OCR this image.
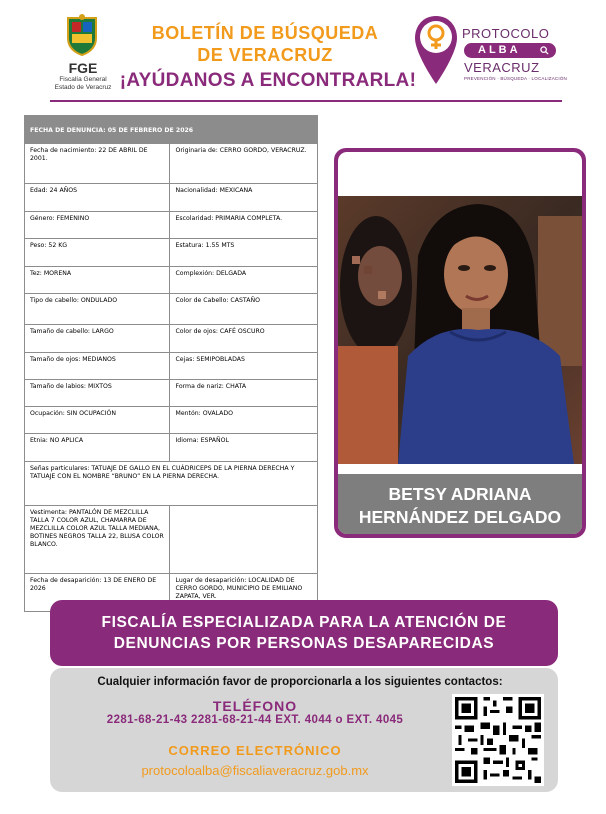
FGE
Fiscalía General
Estado de Veracruz
BOLETÍN DE BÚSQUEDA
DE VERACRUZ
¡AYÚDANOS A ENCONTRARLA!
PROTOCOLO
ALBA
VERACRUZ
PREVENCIÓN · BÚSQUEDA · LOCALIZACIÓN
FECHA DE DENUNCIA: 05 DE FEBRERO DE 2026	
Fecha de nacimiento: 22 DE ABRIL DE 2001.	Originaria de: CERRO GORDO, VERACRUZ.
Edad: 24 AÑOS	Nacionalidad: MEXICANA
Género: FEMENINO	Escolaridad: PRIMARIA COMPLETA.
Peso: 52 KG	Estatura: 1.55 MTS
Tez: MORENA	Complexión: DELGADA
Tipo de cabello: ONDULADO	Color de Cabello: CASTAÑO
Tamaño de cabello: LARGO	Color de ojos: CAFÉ OSCURO
Tamaño de ojos: MEDIANOS	Cejas: SEMIPOBLADAS
Tamaño de labios: MIXTOS	Forma de nariz: CHATA
Ocupación: SIN OCUPACIÓN	Mentón: OVALADO
Etnia: NO APLICA	Idioma: ESPAÑOL
Señas particulares: TATUAJE DE GALLO EN EL CUÁDRICEPS DE LA PIERNA DERECHA Y TATUAJE CON EL NOMBRE “BRUNO” EN LA PIERNA DERECHA.	
Vestimenta: PANTALÓN DE MEZCLILLA TALLA 7 COLOR AZUL, CHAMARRA DE MEZCLILLA COLOR AZUL TALLA MEDIANA, BOTINES NEGROS TALLA 22, BLUSA COLOR BLANCO.	
Fecha de desaparición: 13 DE ENERO DE 2026	Lugar de desaparición: LOCALIDAD DE CERRO GORDO, MUNICIPIO DE EMILIANO ZAPATA, VER.
BETSY ADRIANA
HERNÁNDEZ DELGADO
FISCALÍA ESPECIALIZADA PARA LA ATENCIÓN DE
DENUNCIAS POR PERSONAS DESAPARECIDAS
Cualquier información favor de proporcionarla a los siguientes contactos:
TELÉFONO
2281-68-21-43 2281-68-21-44 EXT. 4044 o EXT. 4045
CORREO ELECTRÓNICO
protocoloalba@fiscaliaveracruz.gob.mx
